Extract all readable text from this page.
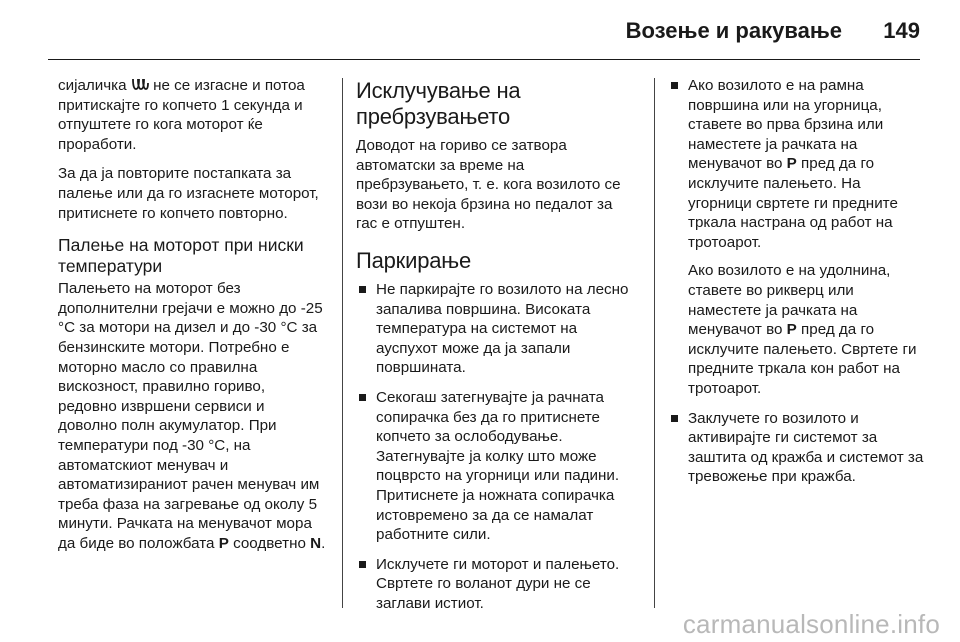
Возење и ракување 149

сијаличка не се изгасне и потоа притискајте го копчето 1 секунда и отпуштете го кога моторот ќе проработи.

За да ја повторите постапката за палење или да го изгаснете моторот, притиснете го копчето повторно.

Палење на моторот при ниски температури

Палењето на моторот без дополнителни грејачи е можно до -25 °C за мотори на дизел и до -30 °C за бензинските мотори. Потребно е моторно масло со правилна вискозност, правилно гориво, редовно извршени сервиси и доволно полн акумулатор. При температури под -30 °C, на автоматскиот менувач и автоматизираниот рачен менувач им треба фаза на загревање од околу 5 минути. Рачката на менувачот мора да биде во положбата P соодветно N.

Исклучување на пребрзувањето

Доводот на гориво се затвора автоматски за време на пребрзувањето, т. е. кога возилото се вози во некоја брзина но педалот за гас е отпуштен.

Паркирање

Не паркирајте го возилото на лесно запалива површина. Високата температура на системот на ауспухот може да ја запали површината.

Секогаш затегнувајте ја рачната сопирачка без да го притиснете копчето за ослободување. Затегнувајте ја колку што може поцврсто на угорници или падини. Притиснете ја ножната сопирачка истовремено за да се намалат работните сили.

Исклучете ги моторот и палењето. Свртете го воланот дури не се заглави истиот.

Ако возилото е на рамна површина или на угорница, ставете во прва брзина или наместете ја рачката на менувачот во P пред да го исклучите палењето. На угорници свртете ги предните тркала настрана од работ на тротоарот.

Ако возилото е на удолнина, ставете во рикверц или наместете ја рачката на менувачот во P пред да го исклучите палењето. Свртете ги предните тркала кон работ на тротоарот.

Заклучете го возилото и активирајте ги системот за заштита од кражба и системот за тревожење при кражба.

carmanualsonline.info
